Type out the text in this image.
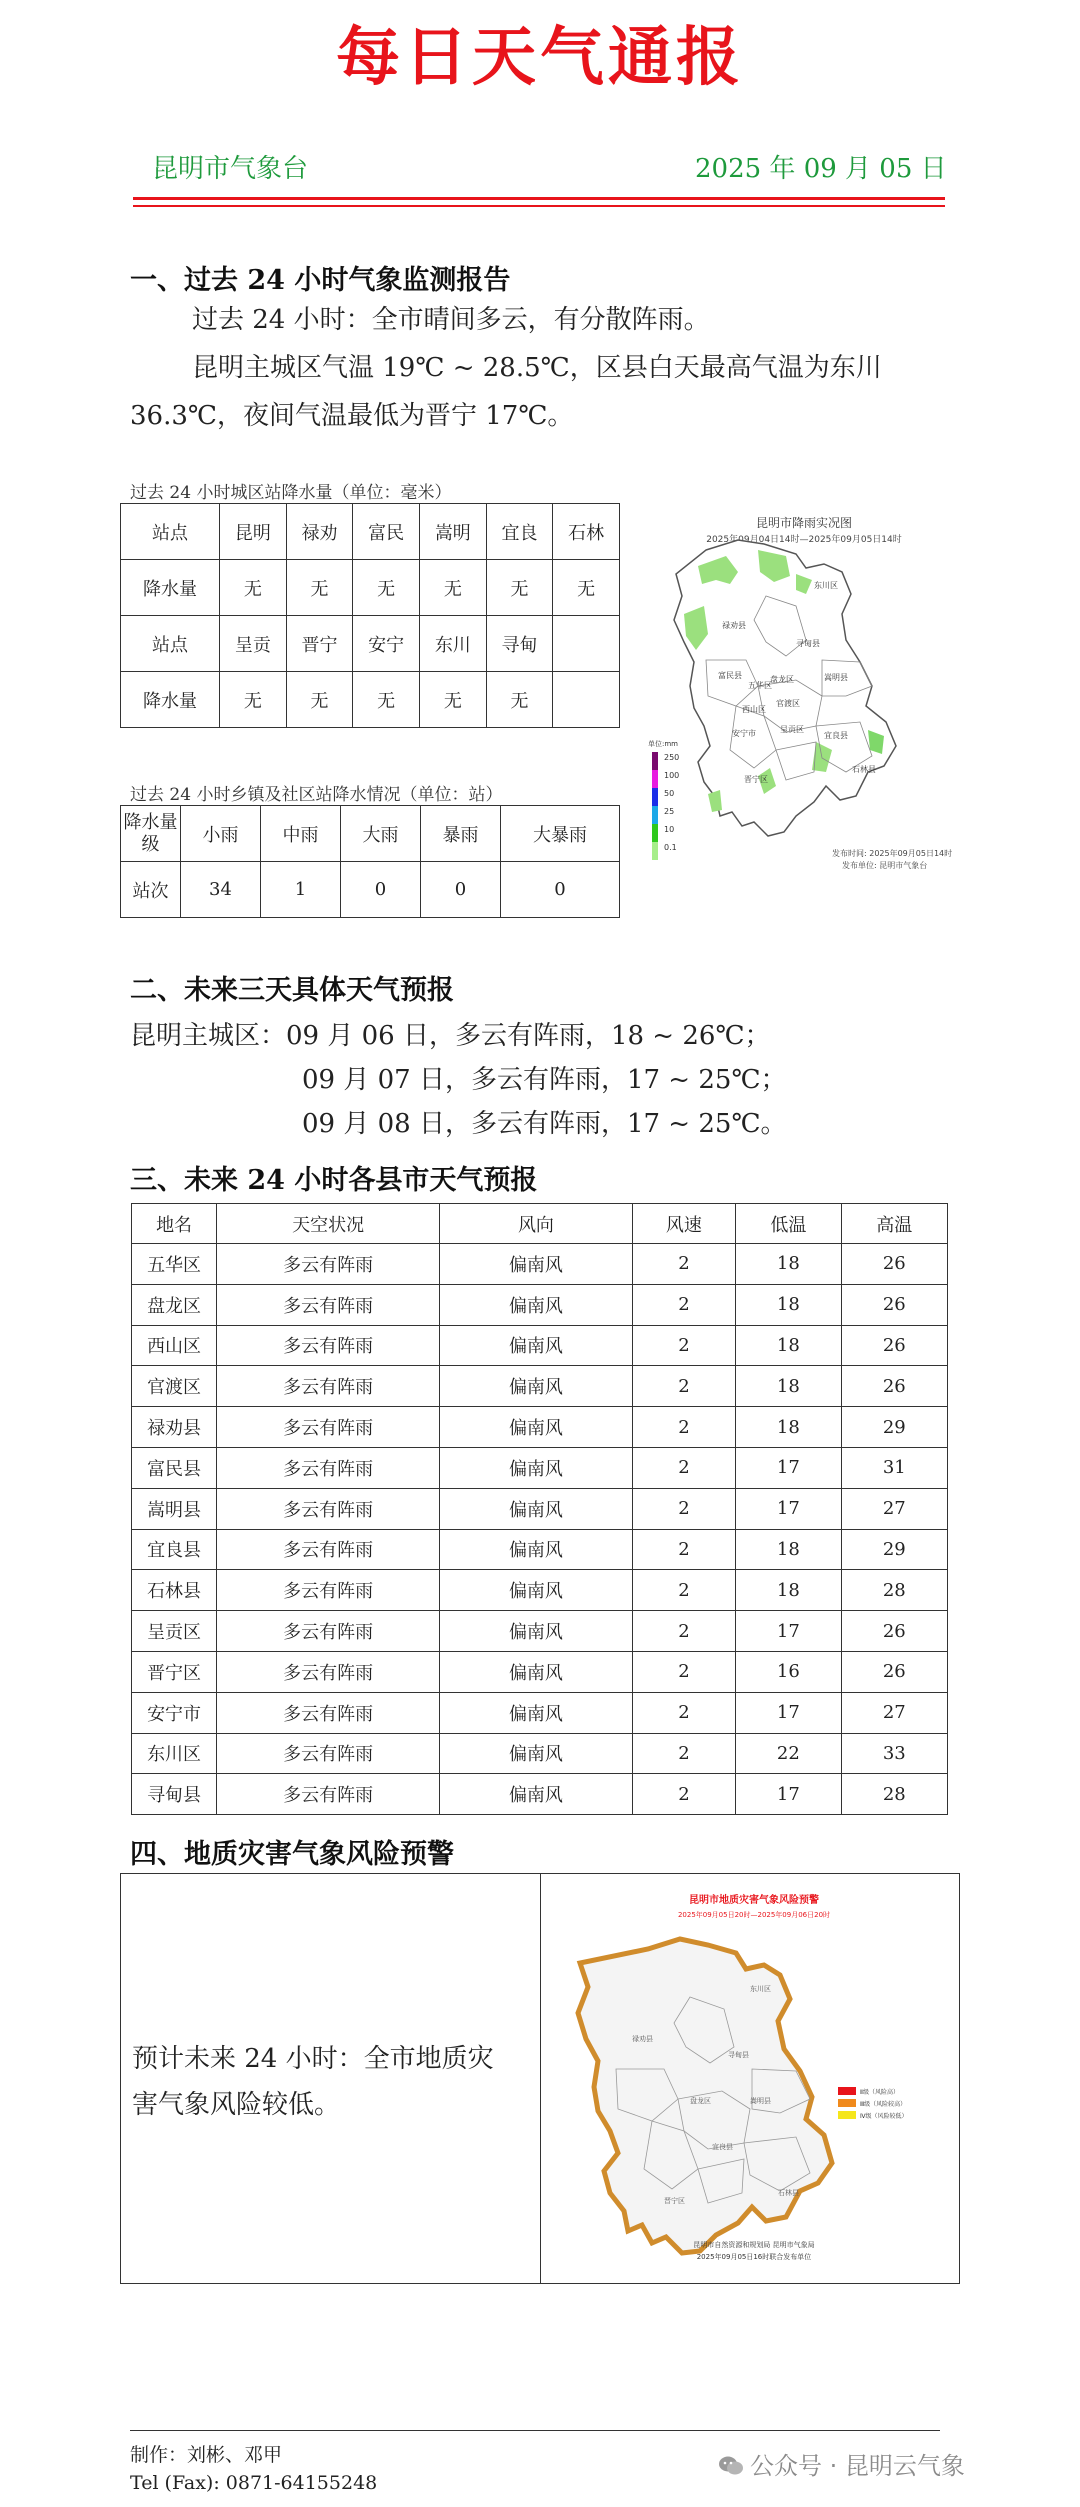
每日天气通报
昆明市气象台	2025 年 09 月 05 日
一、过去 24 小时气象监测报告
过去 24 小时：全市晴间多云，有分散阵雨。
昆明主城区气温 19℃ ~ 28.5℃，区县白天最高气温为东川
36.3℃，夜间气温最低为晋宁 17℃。
过去 24 小时城区站降水量（单位：毫米）
站点	昆明	禄劝	富民	嵩明	宜良	石林
降水量	无	无	无	无	无	无
站点	呈贡	晋宁	安宁	东川	寻甸	
降水量	无	无	无	无	无	
过去 24 小时乡镇及社区站降水情况（单位：站）
降水量级	小雨	中雨	大雨	暴雨	大暴雨
站次	34	1	0	0	0
昆明市降雨实况图
2025年09月04日14时—2025年09月05日14时
东川区
禄劝县
寻甸县
富民县	盘龙区	嵩明县
五华区
官渡区
西山区
安宁市	呈贡区
宜良县
石林县
晋宁区
单位:mm
250
100
50
25
10
0.1
发布时间: 2025年09月05日14时
发布单位: 昆明市气象台
二、未来三天具体天气预报
昆明主城区：09 月 06 日，多云有阵雨，18 ~ 26℃；
09 月 07 日，多云有阵雨，17 ~ 25℃；
09 月 08 日，多云有阵雨，17 ~ 25℃。
三、未来 24 小时各县市天气预报
地名	天空状况	风向	风速	低温	高温
五华区	多云有阵雨	偏南风	2	18	26
盘龙区	多云有阵雨	偏南风	2	18	26
西山区	多云有阵雨	偏南风	2	18	26
官渡区	多云有阵雨	偏南风	2	18	26
禄劝县	多云有阵雨	偏南风	2	18	29
富民县	多云有阵雨	偏南风	2	17	31
嵩明县	多云有阵雨	偏南风	2	17	27
宜良县	多云有阵雨	偏南风	2	18	29
石林县	多云有阵雨	偏南风	2	18	28
呈贡区	多云有阵雨	偏南风	2	17	26
晋宁区	多云有阵雨	偏南风	2	16	26
安宁市	多云有阵雨	偏南风	2	17	27
东川区	多云有阵雨	偏南风	2	22	33
寻甸县	多云有阵雨	偏南风	2	17	28
四、地质灾害气象风险预警
预计未来 24 小时：全市地质灾
害气象风险较低。
昆明市地质灾害气象风险预警
2025年09月05日20时—2025年09月06日20时
东川区
禄劝县
寻甸县
盘龙区	嵩明县
宜良县
石林县
晋宁区
Ⅱ级（风险高）
Ⅲ级（风险较高）
Ⅳ级（风险较低）
昆明市自然资源和规划局 昆明市气象局
2025年09月05日16时联合发布单位
制作：刘彬、邓甲
Tel (Fax): 0871-64155248
公众号 · 昆明云气象
